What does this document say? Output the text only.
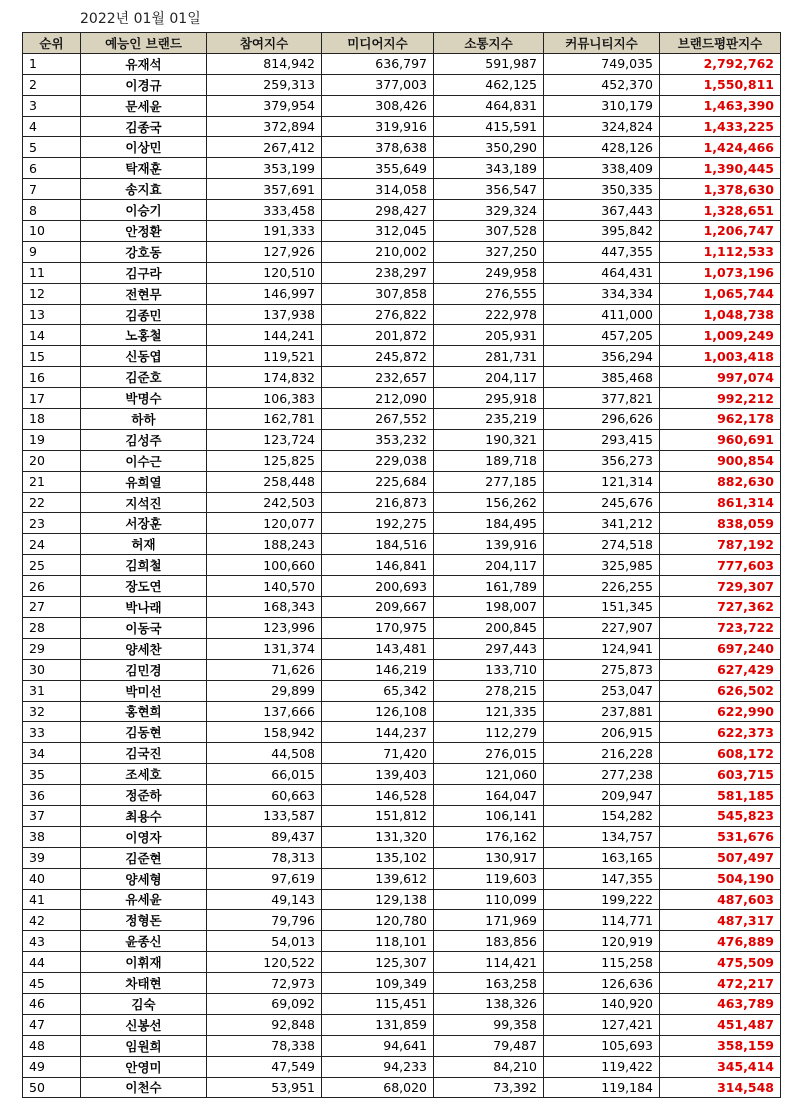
2022년 01월 01일
순위	예능인 브랜드	참여지수	미디어지수	소통지수	커뮤니티지수	브랜드평판지수
1	유재석	814,942	636,797	591,987	749,035	2,792,762
2	이경규	259,313	377,003	462,125	452,370	1,550,811
3	문세윤	379,954	308,426	464,831	310,179	1,463,390
4	김종국	372,894	319,916	415,591	324,824	1,433,225
5	이상민	267,412	378,638	350,290	428,126	1,424,466
6	탁재훈	353,199	355,649	343,189	338,409	1,390,445
7	송지효	357,691	314,058	356,547	350,335	1,378,630
8	이승기	333,458	298,427	329,324	367,443	1,328,651
10	안정환	191,333	312,045	307,528	395,842	1,206,747
9	강호동	127,926	210,002	327,250	447,355	1,112,533
11	김구라	120,510	238,297	249,958	464,431	1,073,196
12	전현무	146,997	307,858	276,555	334,334	1,065,744
13	김종민	137,938	276,822	222,978	411,000	1,048,738
14	노홍철	144,241	201,872	205,931	457,205	1,009,249
15	신동엽	119,521	245,872	281,731	356,294	1,003,418
16	김준호	174,832	232,657	204,117	385,468	997,074
17	박명수	106,383	212,090	295,918	377,821	992,212
18	하하	162,781	267,552	235,219	296,626	962,178
19	김성주	123,724	353,232	190,321	293,415	960,691
20	이수근	125,825	229,038	189,718	356,273	900,854
21	유희열	258,448	225,684	277,185	121,314	882,630
22	지석진	242,503	216,873	156,262	245,676	861,314
23	서장훈	120,077	192,275	184,495	341,212	838,059
24	허재	188,243	184,516	139,916	274,518	787,192
25	김희철	100,660	146,841	204,117	325,985	777,603
26	장도연	140,570	200,693	161,789	226,255	729,307
27	박나래	168,343	209,667	198,007	151,345	727,362
28	이동국	123,996	170,975	200,845	227,907	723,722
29	양세찬	131,374	143,481	297,443	124,941	697,240
30	김민경	71,626	146,219	133,710	275,873	627,429
31	박미선	29,899	65,342	278,215	253,047	626,502
32	홍현희	137,666	126,108	121,335	237,881	622,990
33	김동현	158,942	144,237	112,279	206,915	622,373
34	김국진	44,508	71,420	276,015	216,228	608,172
35	조세호	66,015	139,403	121,060	277,238	603,715
36	정준하	60,663	146,528	164,047	209,947	581,185
37	최용수	133,587	151,812	106,141	154,282	545,823
38	이영자	89,437	131,320	176,162	134,757	531,676
39	김준현	78,313	135,102	130,917	163,165	507,497
40	양세형	97,619	139,612	119,603	147,355	504,190
41	유세윤	49,143	129,138	110,099	199,222	487,603
42	정형돈	79,796	120,780	171,969	114,771	487,317
43	윤종신	54,013	118,101	183,856	120,919	476,889
44	이휘재	120,522	125,307	114,421	115,258	475,509
45	차태현	72,973	109,349	163,258	126,636	472,217
46	김숙	69,092	115,451	138,326	140,920	463,789
47	신봉선	92,848	131,859	99,358	127,421	451,487
48	임원희	78,338	94,641	79,487	105,693	358,159
49	안영미	47,549	94,233	84,210	119,422	345,414
50	이천수	53,951	68,020	73,392	119,184	314,548
